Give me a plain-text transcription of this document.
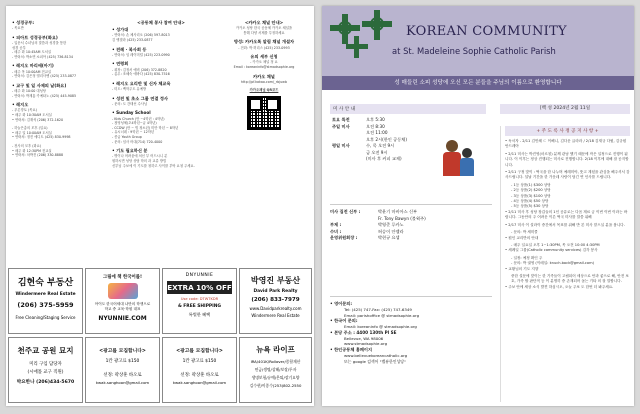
• 성경공부:
- 목요반
• 피아트 성경공부(화요)
- 입문서 수녀님의 말씀과 성경을 통한
성경 공부
- 매주 화 10:45AM 도서실
- 연락처: 박소연 소피아 (425) 736-8134
• 레지오 마리애(아기)
- 매주 목 10:00AM 전교실
- 연락처: 김은정 엘리사벳 (425) 233-0877
• 교구 및 일 사제의 날(화요)
- 매주 화 10:00 대성당
- 연락처: 박재홍 카예타노 (425) 445-9085
• 레지오
- 푸른망토 (목요)
• 매주 화 10:30AM 도서실
• 연락처: 김재석 (206) 372-1620
- 하늘은총의 모후 (일요)
• 매주 일 10:00AM 도서실
• 연락처: 정진 에디트 (425) 830-9998
- 천사의 모후 (화요)
• 매주 화 12:30PM 전교실
• 연락처: 차박진 (206) 330-8888
<공동체 봉사 참여 안내>
• 성가대
- 연락처: 손 체사리오 (206) 597-8013
김 앵겔라 (425) 233-0877
• 전례 · 복사회 등
- 연락처: 임 레이미덜 (425) 223-0990
• 연령회
- 회장: 김정서 예비 (206) 372-8820
- 총무: 조혜숙 에바다 (425) 830-7516
• 레지오 요리반 및 신자 체교육
- 미도: 백학주도 유예방
• 성전 및 초소 그룹 연결 정사
- 문의: 도 간태선 수사님
• Sunday School
- Kids Church (만 ~4학년 : 4학년)
- 첫영성체(초4학년~급 4학년)
- CCDW (만 ~ 빙 청소년) 미만 학년 ~ 8학년
- 유시너데 : 9학년 ~ 12학년
- 종급 Youth Group
- 문의: 임사 어대(714) 720-4000
• 기도 필요하신 분
- 병이나 어려움에 처신 부 어드시니 분
원하시면 성당 상담 학의 과 교류 방법
신부님 주보에 이 기도를 청하고 사이를 부탁 요청 주세요.
<카카오 채널 안내>
카카오 성당 한국 공동체 카카오 채널을
통해 다양 서제를 투정하세요
방성: 카카오톡 알림 채널 개설자
- 전화: 박 허리스 (425) 233-0993
유의 세부 신청
- 카카오 채널 정 요
Email : koreaninfo@stmadsophie.org
카카오 채널
http://pf.kakao.com/_rbjuwb
카카오채널 QR코드
김현숙 부동산
Windermere Real Estate
(206) 375-5959
Free Cleaning/Staging Service
그림에 책 한국어를!
아이도 한국어세대 나만의 학생으로
학교 중 교육·학원 대표
NYUNNIE.COM
DNYUNNIE
EXTRA 10% OFF
Use code: DTWTKDR
& FREE SHIPPING
특별한 혜택
박영진 부동산
David Park Realty
(206) 833-7979
www.Davidparkrealty.com
Windermere Real Estate
천주교 공원 묘지
미리 구입 담당자
(시애틀 교구 직원)
박요한나 (206)434-5670
<광고를 모집합니다>
1칸 광고료 $150
선정: 곽상훈 바오로
kwak.sanghoon@gmail.com
<광고를 모집합니다>
1칸 광고료 $150
선정: 곽상훈 바오로
kwak.sanghoon@gmail.com
뉴욕 라이프
IRA/401K/Rollover/종합재산
연금/생명/상해/보장/투자
생명보험/유예/은퇴/장기요양
김수현/이종수(253)802-2550
KOREAN COMMUNITY
at St. Madeleine Sophie Catholic Parish
성 매들린 소피 성당에 오신 모든 분들을 주님의 이름으로 환영합니다
미 사 안 내
토요 특전	오후 5:30
주일 미사	오전 8:30
오전 11:00
오후 2시(한인 공동체)
평일 미사	수, 목 오전 9시
금 오전 9시
(미사 후 커피 교제)
[백 성 2024년 2월 11일
미사 집전 신부 :	박윤기 마비아스 신부
Fr. Tony Bawyn (볼윅주)
부제 :	박영준 루카노
수녀 :	허승이 안젤라
운영위원회장 :	박현규 요셉
• 영어문의:
Tel: (425) 747-Fax: (425) 747-6349
Email: parishoffice @ stmadsophie.org
• 한국어 문의:
Email: koreaninfo @ stmadsophie.org
• 본당 주소 : 4400 130th Pl SE
Bellevue, WA 98006
www.stmadsophie.org
• 한인공동체 홈페이지
www.bellevuekoreancatholic.org
또는 google 검색어 "벨뷰한인성당"
+ 주 도 록 사 정 공 지 사 항 +
• 독서자 - 2/11 김민혜 ㄷ 이해니, 김다운 글라라 / 2/18 김재규 다윗, 김규원 안드레아
• 2/11 미사는 박진영(마르칭) 분께 관남 했기 때문에 작은 일정으로 진행이 됩니다. 이 이후는 정상 진행되는 미사로 진행합니다. 2/18 이후에 대해 잘 공지합니다.
• 2/11 구정 맞이 : 떡국을 한 나누며 예레미야, 뜻고 계셨을 관심을 해주셔서 감사드립니다. 설날 기간을 한 가운데 사랑이 담긴 연 인사를 드립니다.
- 1등 상품(1) $300 상당
- 2등 상품(2) $200 상당
- 3등 상품(3) $100 상당
- 4등 상품(4) $50 상당
- 5등 상품(5) $30 상당
• 2/11 미사 후 성당 장갑들의 1인 공유로는 다음 재료 금 이번 이번 이라는 바랍니다. 그동안의 주 어려운 이른 떡국 미사를 말씀 위해
• 2/17 미사 이 설라이 중간에서 목표를 위해 반 본 미사 맡으실 분을 봅니다.
- 문의: 박 세미콜
• 원인 교리반의 안내
- 매주 일요일 오후 1~1:30PM, 목 오전 10:00 4:30PM
• 세례일 그룹(Catholic community services) 김각 봉사
- 일정: 예정 확인 주
- 문의: 박 권영 (이메일: knuch.bock@gmail.com)
• 교황님의 기도 지향
중한 설문에 맞이는 한 기족들이 고립되어 세상으로 안과 좋으로 해, 안전 보호, 가족 할 판단적 등 이 분명히 중 존재되어 돕는 기타 의 잘 말합니다.
• 주보 안에 세상 소식 발견 하십시오, 오늘 주보 도 한번 더 봐주세요.
